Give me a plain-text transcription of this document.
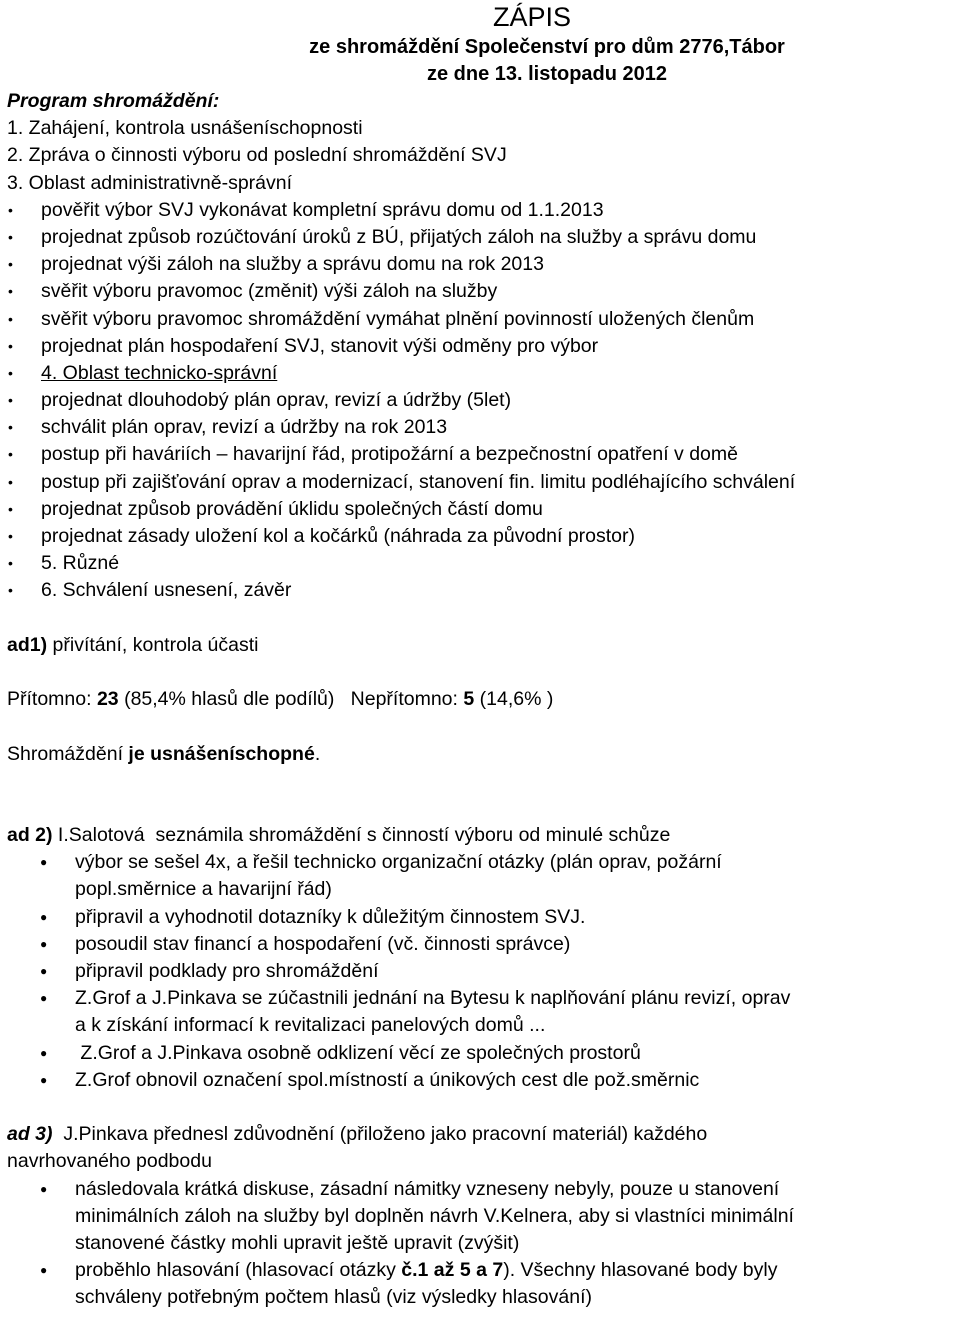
ZÁPIS
ze shromáždění Společenství pro dům 2776,Tábor
ze dne 13. listopadu 2012
Program shromáždění:
1. Zahájení, kontrola usnášeníschopnosti
2. Zpráva o činnosti výboru od poslední shromáždění SVJ
3. Oblast administrativně-správní
• pověřit výbor SVJ vykonávat kompletní správu domu od 1.1.2013
• projednat způsob rozúčtování úroků z BÚ, přijatých záloh na služby a správu domu
• projednat výši záloh na služby a správu domu na rok 2013
• svěřit výboru pravomoc (změnit) výši záloh na služby
• svěřit výboru pravomoc shromáždění vymáhat plnění povinností uložených členům
• projednat plán hospodaření SVJ, stanovit výši odměny pro výbor
• 4. Oblast technicko-správní
• projednat dlouhodobý plán oprav, revizí a údržby (5let)
• schválit plán oprav, revizí a údržby na rok 2013
• postup při haváriích – havarijní řád, protipožární a bezpečnostní opatření v domě
• postup při zajišťování oprav a modernizací, stanovení fin. limitu podléhajícího schválení
• projednat způsob provádění úklidu společných částí domu
• projednat zásady uložení kol a kočárků (náhrada za původní prostor)
• 5. Různé
• 6. Schválení usnesení, závěr
ad1) přivítání, kontrola účasti
Přítomno: 23 (85,4% hlasů dle podílů)   Nepřítomno: 5 (14,6% )
Shromáždění je usnášeníschopné.
ad 2) I.Salotová  seznámila shromáždění s činností výboru od minulé schůze
● výbor se sešel 4x, a řešil technicko organizační otázky (plán oprav, požární
popl.směrnice a havarijní řád)
● připravil a vyhodnotil dotazníky k důležitým činnostem SVJ.
● posoudil stav financí a hospodaření (vč. činnosti správce)
● připravil podklady pro shromáždění
● Z.Grof a J.Pinkava se zúčastnili jednání na Bytesu k naplňování plánu revizí, oprav
a k získání informací k revitalizaci panelových domů ...
●  Z.Grof a J.Pinkava osobně odklizení věcí ze společných prostorů
● Z.Grof obnovil označení spol.místností a únikových cest dle pož.směrnic
ad 3)  J.Pinkava přednesl zdůvodnění (přiloženo jako pracovní materiál) každého
navrhovaného podbodu
● následovala krátká diskuse, zásadní námitky vzneseny nebyly, pouze u stanovení
minimálních záloh na služby byl doplněn návrh V.Kelnera, aby si vlastníci minimální
stanovené částky mohli upravit ještě upravit (zvýšit)
● proběhlo hlasování (hlasovací otázky č.1 až 5 a 7). Všechny hlasované body byly
schváleny potřebným počtem hlasů (viz výsledky hlasování)
